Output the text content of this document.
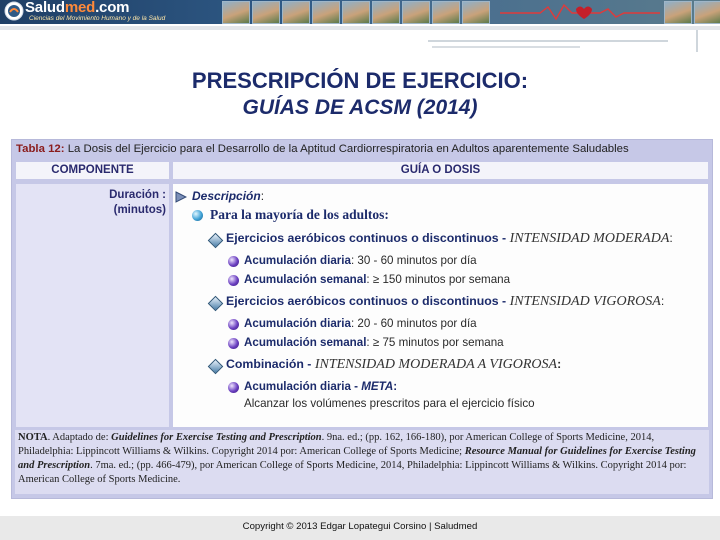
Saludmed.com
Ciencias del Movimiento Humano y de la Salud
PRESCRIPCIÓN DE EJERCICIO:
GUÍAS DE ACSM (2014)
Tabla 12: La Dosis del Ejercicio para el Desarrollo de la Aptitud Cardiorrespiratoria en Adultos aparentemente Saludables
COMPONENTE	GUÍA O DOSIS
Duración :
(minutos)
Descripción:
Para la mayoría de los adultos:
Ejercicios aeróbicos continuos o discontinuos - INTENSIDAD MODERADA:
Acumulación diaria: 30 - 60 minutos por día
Acumulación semanal: ≥ 150 minutos por semana
Ejercicios aeróbicos continuos o discontinuos - INTENSIDAD VIGOROSA:
Acumulación diaria: 20 - 60 minutos por día
Acumulación semanal: ≥ 75 minutos por semana
Combinación - INTENSIDAD MODERADA A VIGOROSA:
Acumulación diaria - META:
Alcanzar los volúmenes prescritos para el ejercicio físico
NOTA. Adaptado de: Guidelines for Exercise Testing and Prescription. 9na. ed.; (pp. 162, 166-180), por American College of Sports Medicine, 2014, Philadelphia: Lippincott Williams & Wilkins. Copyright 2014 por: American College of Sports Medicine; Resource Manual for Guidelines for Exercise Testing and Prescription. 7ma. ed.; (pp. 466-479), por American College of Sports Medicine, 2014, Philadelphia: Lippincott Williams & Wilkins. Copyright 2014 por: American College of Sports Medicine.
Copyright © 2013 Edgar Lopategui Corsino | Saludmed
